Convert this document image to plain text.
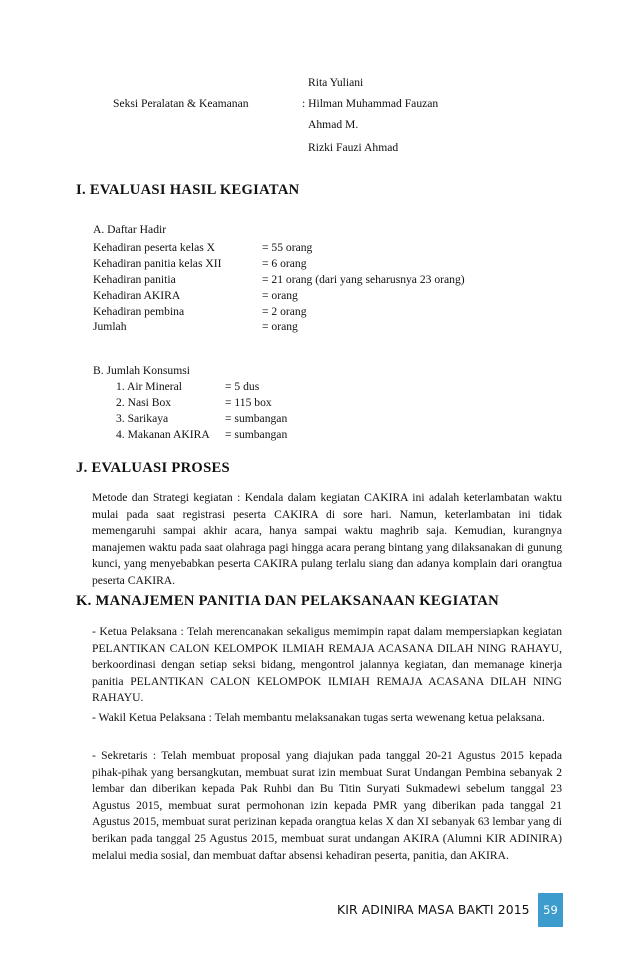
Rita Yuliani
Seksi Peralatan & Keamanan	: Hilman Muhammad Fauzan
Ahmad M.
Rizki Fauzi Ahmad
I. EVALUASI HASIL KEGIATAN
A. Daftar Hadir
Kehadiran peserta kelas X	= 55 orang
Kehadiran panitia kelas XII	= 6 orang
Kehadiran panitia	= 21 orang (dari yang seharusnya 23 orang)
Kehadiran AKIRA	= orang
Kehadiran pembina	= 2 orang
Jumlah	= orang
B. Jumlah Konsumsi
1. Air Mineral	= 5 dus
2. Nasi Box	= 115 box
3. Sarikaya	= sumbangan
4. Makanan AKIRA = sumbangan
J. EVALUASI PROSES
Metode dan Strategi kegiatan : Kendala dalam kegiatan CAKIRA ini adalah keterlambatan waktu mulai pada saat registrasi peserta CAKIRA di sore hari. Namun, keterlambatan ini tidak memengaruhi sampai akhir acara, hanya sampai waktu maghrib saja. Kemudian, kurangnya manajemen waktu pada saat olahraga pagi hingga acara perang bintang yang dilaksanakan di gunung kunci, yang menyebabkan peserta CAKIRA pulang terlalu siang dan adanya komplain dari orangtua peserta CAKIRA.
K. MANAJEMEN PANITIA DAN PELAKSANAAN KEGIATAN
- Ketua Pelaksana : Telah merencanakan sekaligus memimpin rapat dalam mempersiapkan kegiatan PELANTIKAN CALON KELOMPOK ILMIAH REMAJA ACASANA DILAH NING RAHAYU, berkoordinasi dengan setiap seksi bidang, mengontrol jalannya kegiatan, dan memanage kinerja panitia PELANTIKAN CALON KELOMPOK ILMIAH REMAJA ACASANA DILAH NING RAHAYU.
- Wakil Ketua Pelaksana : Telah membantu melaksanakan tugas serta wewenang ketua pelaksana.
- Sekretaris : Telah membuat proposal yang diajukan pada tanggal 20-21 Agustus 2015 kepada pihak-pihak yang bersangkutan, membuat surat izin membuat Surat Undangan Pembina sebanyak 2 lembar dan diberikan kepada Pak Ruhbi dan Bu Titin Suryati Sukmadewi sebelum tanggal 23 Agustus 2015, membuat surat permohonan izin kepada PMR yang diberikan pada tanggal 21 Agustus 2015, membuat surat perizinan kepada orangtua kelas X dan XI sebanyak 63 lembar yang di berikan pada tanggal 25 Agustus 2015, membuat surat undangan AKIRA (Alumni KIR ADINIRA) melalui media sosial, dan membuat daftar absensi kehadiran peserta, panitia, dan AKIRA.
KIR ADINIRA MASA BAKTI 2015 59
